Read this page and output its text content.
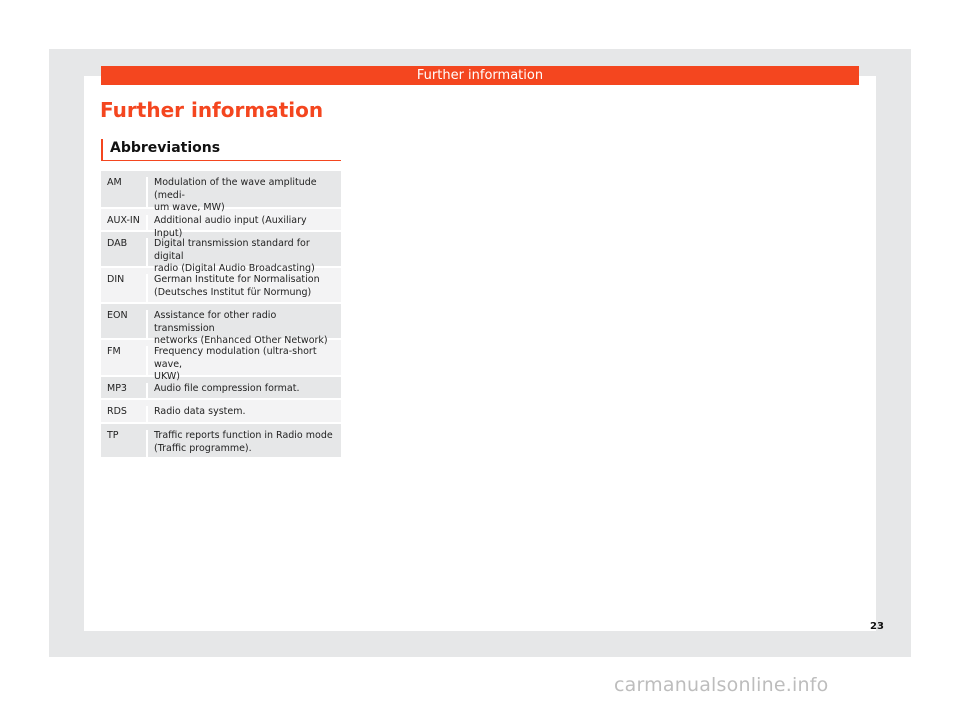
Further information
Further information
Abbreviations
AM	Modulation of the wave amplitude (medi-
um wave, MW)
AUX-IN	Additional audio input (Auxiliary Input)
DAB	Digital transmission standard for digital
radio (Digital Audio Broadcasting)
DIN	German Institute for Normalisation
(Deutsches Institut für Normung)
EON	Assistance for other radio transmission
networks (Enhanced Other Network)
FM	Frequency modulation (ultra-short wave,
UKW)
MP3	Audio file compression format.
RDS	Radio data system.
TP	Traffic reports function in Radio mode
(Traffic programme).
23
carmanualsonline.info
